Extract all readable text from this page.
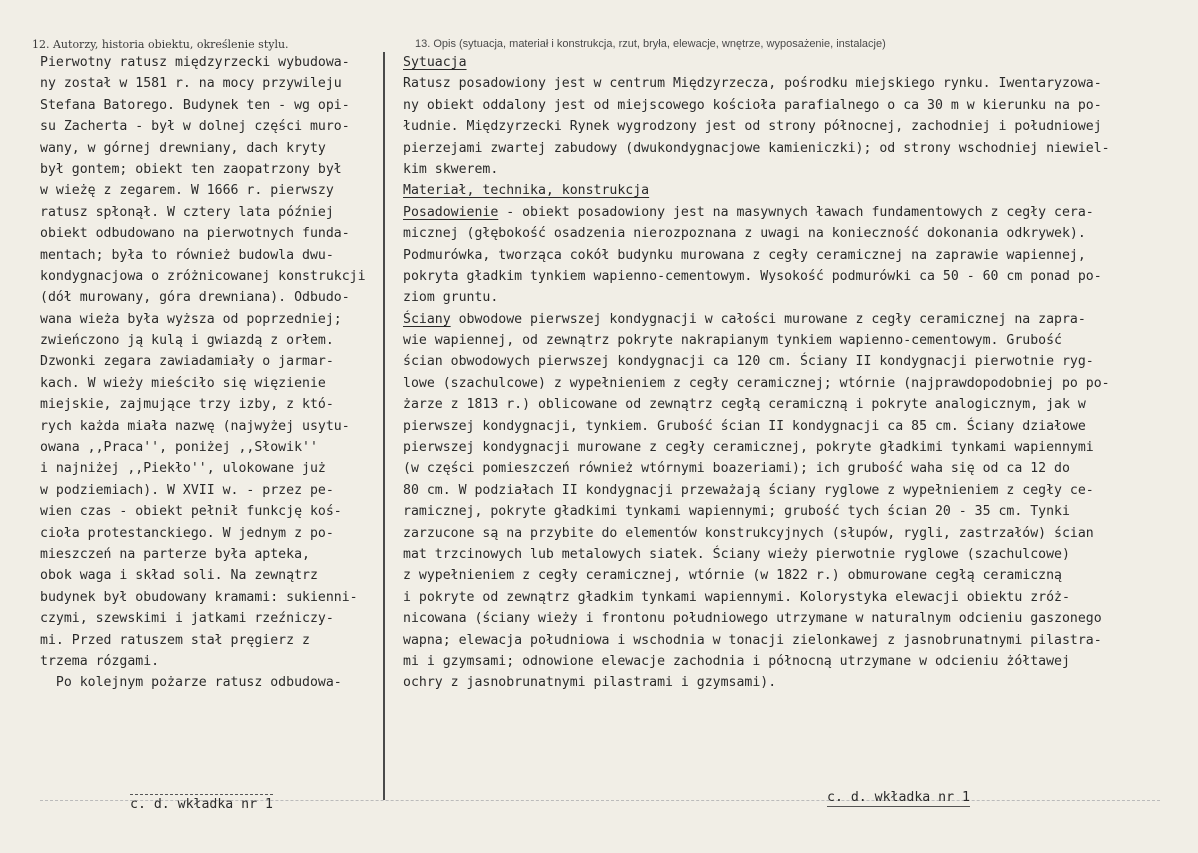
12. Autorzy, historia obiektu, określenie stylu.	13. Opis (sytuacja, materiał i konstrukcja, rzut, bryła, elewacje, wnętrze, wyposażenie, instalacje)
Pierwotny ratusz międzyrzecki wybudowa-
ny został w 1581 r. na mocy przywileju
Stefana Batorego. Budynek ten - wg opi-
su Zacherta - był w dolnej części muro-
wany, w górnej drewniany, dach kryty
był gontem; obiekt ten zaopatrzony był
w wieżę z zegarem. W 1666 r. pierwszy
ratusz spłonął. W cztery lata później
obiekt odbudowano na pierwotnych funda-
mentach; była to również budowla dwu-
kondygnacjowa o zróżnicowanej konstrukcji
(dół murowany, góra drewniana). Odbudo-
wana wieża była wyższa od poprzedniej;
zwieńczono ją kulą i gwiazdą z orłem.
Dzwonki zegara zawiadamiały o jarmar-
kach. W wieży mieściło się więzienie
miejskie, zajmujące trzy izby, z któ-
rych każda miała nazwę (najwyżej usytu-
owana ,,Praca'', poniżej ,,Słowik''
i najniżej ,,Piekło'', ulokowane już
w podziemiach). W XVII w. - przez pe-
wien czas - obiekt pełnił funkcję koś-
cioła protestanckiego. W jednym z po-
mieszczeń na parterze była apteka,
obok waga i skład soli. Na zewnątrz
budynek był obudowany kramami: sukienni-
czymi, szewskimi i jatkami rzeźniczy-
mi. Przed ratuszem stał pręgierz z
trzema rózgami.
Po kolejnym pożarze ratusz odbudowa-
Sytuacja
Ratusz posadowiony jest w centrum Międzyrzecza, pośrodku miejskiego rynku. Iwentaryzowa-
ny obiekt oddalony jest od miejscowego kościoła parafialnego o ca 30 m w kierunku na po-
łudnie. Międzyrzecki Rynek wygrodzony jest od strony północnej, zachodniej i południowej
pierzejami zwartej zabudowy (dwukondygnacjowe kamieniczki); od strony wschodniej niewiel-
kim skwerem.
Materiał, technika, konstrukcja
Posadowienie - obiekt posadowiony jest na masywnych ławach fundamentowych z cegły cera-
micznej (głębokość osadzenia nierozpoznana z uwagi na konieczność dokonania odkrywek).
Podmurówka, tworząca cokół budynku murowana z cegły ceramicznej na zaprawie wapiennej,
pokryta gładkim tynkiem wapienno-cementowym. Wysokość podmurówki ca 50 - 60 cm ponad po-
ziom gruntu.
Ściany obwodowe pierwszej kondygnacji w całości murowane z cegły ceramicznej na zapra-
wie wapiennej, od zewnątrz pokryte nakrapianym tynkiem wapienno-cementowym. Grubość
ścian obwodowych pierwszej kondygnacji ca 120 cm. Ściany II kondygnacji pierwotnie ryg-
lowe (szachulcowe) z wypełnieniem z cegły ceramicznej; wtórnie (najprawdopodobniej po po-
żarze z 1813 r.) oblicowane od zewnątrz cegłą ceramiczną i pokryte analogicznym, jak w
pierwszej kondygnacji, tynkiem. Grubość ścian II kondygnacji ca 85 cm. Ściany działowe
pierwszej kondygnacji murowane z cegły ceramicznej, pokryte gładkimi tynkami wapiennymi
(w części pomieszczeń również wtórnymi boazeriami); ich grubość waha się od ca 12 do
80 cm. W podziałach II kondygnacji przeważają ściany ryglowe z wypełnieniem z cegły ce-
ramicznej, pokryte gładkimi tynkami wapiennymi; grubość tych ścian 20 - 35 cm. Tynki
zarzucone są na przybite do elementów konstrukcyjnych (słupów, rygli, zastrzałów) ścian
mat trzcinowych lub metalowych siatek. Ściany wieży pierwotnie ryglowe (szachulcowe)
z wypełnieniem z cegły ceramicznej, wtórnie (w 1822 r.) obmurowane cegłą ceramiczną
i pokryte od zewnątrz gładkim tynkami wapiennymi. Kolorystyka elewacji obiektu zróż-
nicowana (ściany wieży i frontonu południowego utrzymane w naturalnym odcieniu gaszonego
wapna; elewacja południowa i wschodnia w tonacji zielonkawej z jasnobrunatnymi pilastra-
mi i gzymsami; odnowione elewacje zachodnia i północną utrzymane w odcieniu żółtawej
ochry z jasnobrunatnymi pilastrami i gzymsami).
c. d. wkładka nr 1	c. d. wkładka nr 1
